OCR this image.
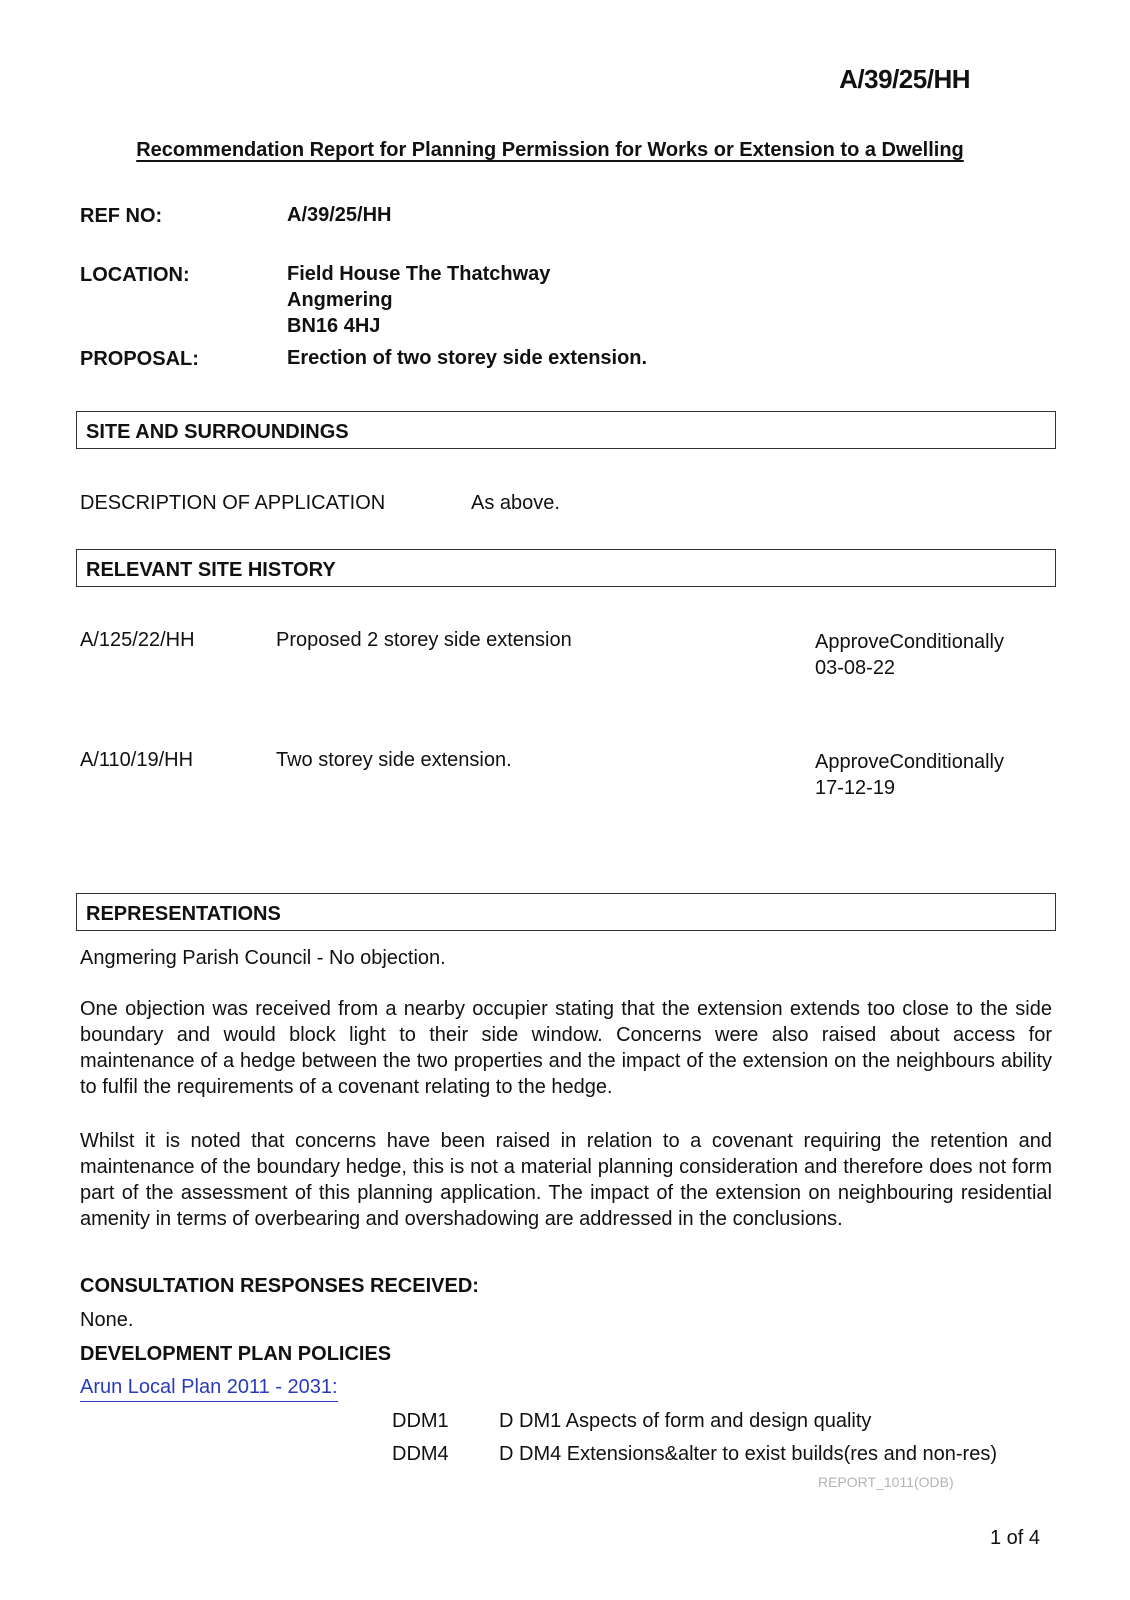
A/39/25/HH
Recommendation Report for Planning Permission for Works or Extension to a Dwelling
REF NO:	A/39/25/HH
LOCATION:	Field House The Thatchway
Angmering
BN16 4HJ
PROPOSAL:	Erection of two storey side extension.
SITE AND SURROUNDINGS
DESCRIPTION OF APPLICATION	As above.
RELEVANT SITE HISTORY
A/125/22/HH	Proposed 2 storey side extension	ApproveConditionally
03-08-22
A/110/19/HH	Two storey side extension.	ApproveConditionally
17-12-19
REPRESENTATIONS
Angmering Parish Council - No objection.
One objection was received from a nearby occupier stating that the extension extends too close to the side boundary and would block light to their side window. Concerns were also raised about access for maintenance of a hedge between the two properties and the impact of the extension on the neighbours ability to fulfil the requirements of a covenant relating to the hedge.
Whilst it is noted that concerns have been raised in relation to a covenant requiring the retention and maintenance of the boundary hedge, this is not a material planning consideration and therefore does not form part of the assessment of this planning application. The impact of the extension on neighbouring residential amenity in terms of overbearing and overshadowing are addressed in the conclusions.
CONSULTATION RESPONSES RECEIVED:
None.
DEVELOPMENT PLAN POLICIES
Arun Local Plan 2011 - 2031:
DDM1	D DM1 Aspects of form and design quality
DDM4	D DM4 Extensions&alter to exist builds(res and non-res)
REPORT_1011(ODB)
1 of 4
